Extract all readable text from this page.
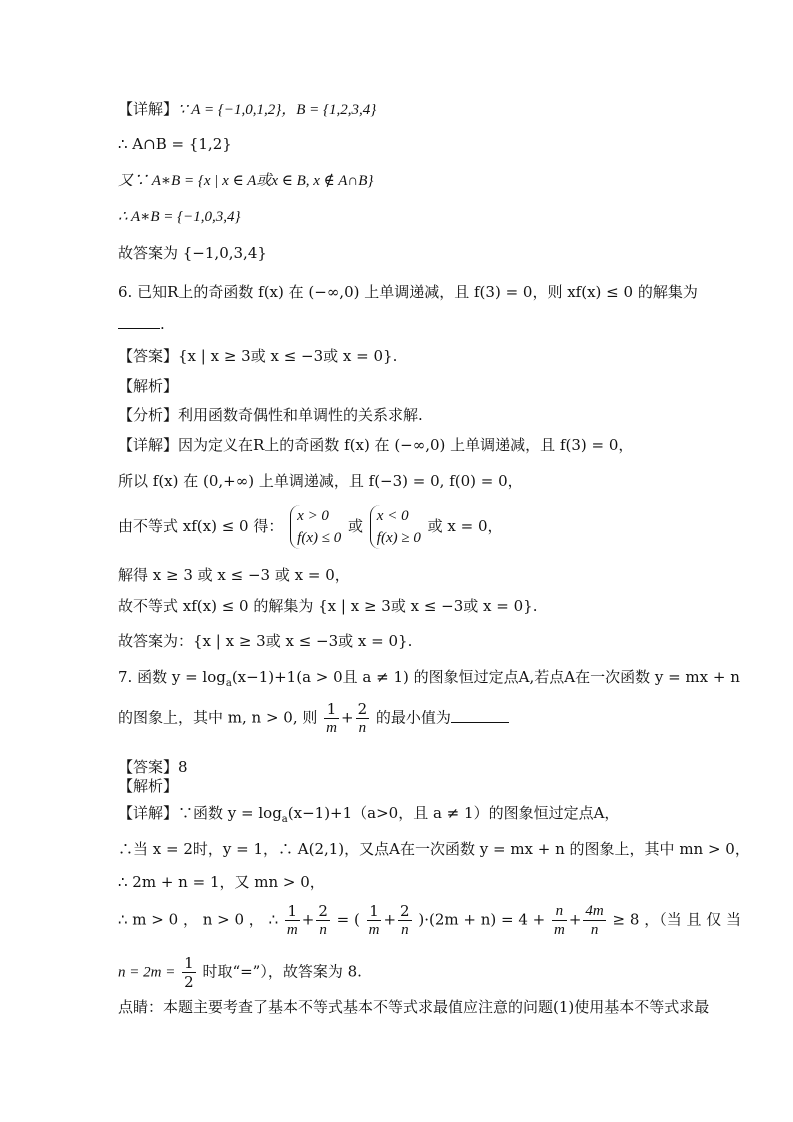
【详解】∵ A = {−1,0,1,2}，B = {1,2,3,4}
∴ A∩B = {1,2}
又∵ A∗B = {x | x ∈ A或x ∈ B, x ∉ A∩B}
∴ A∗B = {−1,0,3,4}
故答案为 {−1,0,3,4}
6. 已知R上的奇函数 f(x) 在 (−∞,0) 上单调递减，且 f(3) = 0，则 xf(x) ≤ 0 的解集为
.
【答案】{x | x ≥ 3或 x ≤ −3或 x = 0}.
【解析】
【分析】利用函数奇偶性和单调性的关系求解.
【详解】因为定义在R上的奇函数 f(x) 在 (−∞,0) 上单调递减，且 f(3) = 0，
所以 f(x) 在 (0,+∞) 上单调递减，且 f(−3) = 0, f(0) = 0，
由不等式 xf(x) ≤ 0 得：
x > 0
f(x) ≤ 0
或
x < 0
f(x) ≥ 0
或 x = 0，
解得 x ≥ 3 或 x ≤ −3 或 x = 0，
故不等式 xf(x) ≤ 0 的解集为 {x | x ≥ 3或 x ≤ −3或 x = 0}.
故答案为：{x | x ≥ 3或 x ≤ −3或 x = 0}.
7. 函数 $y = \log_a(x-1)+1(a > 0$且 a ≠ 1) 的图象恒过定点A,若点A在一次函数 y = mx + n
的图象上，其中 m, n > 0, 则 $\frac{1}{m} + \frac{2}{n}$ 的最小值为
【答案】8
【解析】
【详解】∵函数 $y = \log_a(x-1)+1(a>0$，且 a ≠ 1）的图象恒过定点A，
∴当 x = 2时，y = 1，∴ A(2,1)，又点A在一次函数 y = mx + n 的图象上，其中 mn > 0，
∴ 2m + n = 1，又 mn > 0，
∴ m > 0 ， n > 0 ， ∴ $\frac{1}{m} + \frac{2}{n}$ = ( $\frac{1}{m} + \frac{2}{n} )\cdot(2m + n) = 4 + \frac{n}{m} + \frac{4m}{n} \ge 8$ ，（当 且 仅 当
$n = 2m = \frac{1}{2}$ 时取“=”），故答案为 8.
点睛：本题主要考查了基本不等式基本不等式求最值应注意的问题(1)使用基本不等式求最
